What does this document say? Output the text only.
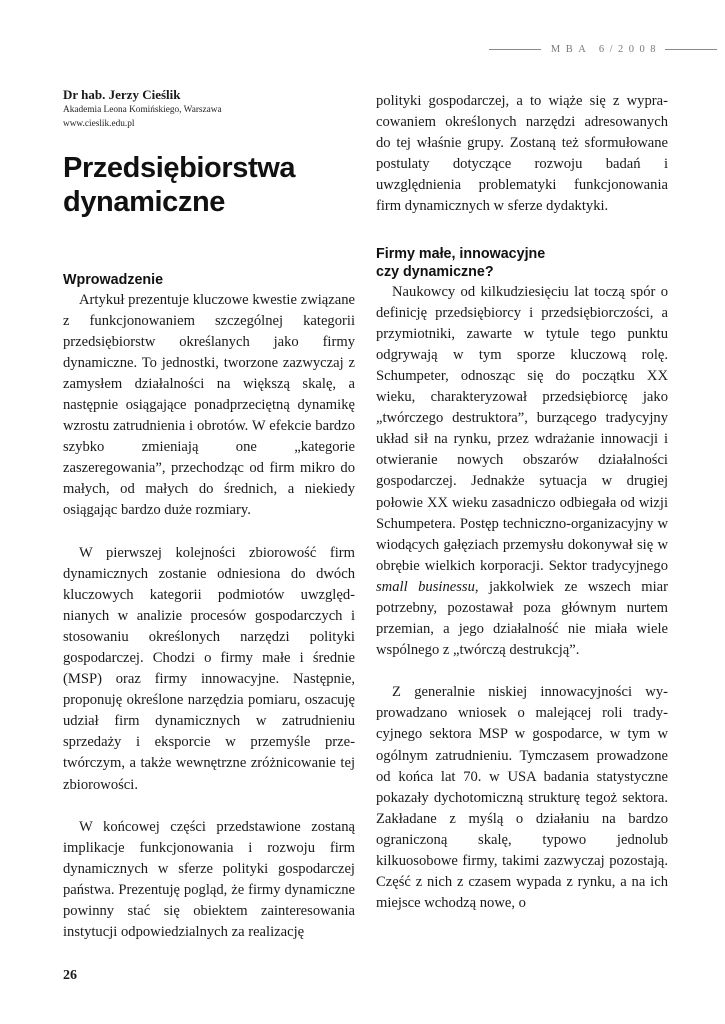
MBA 6/2008

Dr hab. Jerzy Cieślik

Akademia Leona Komińskiego, Warszawa

www.cieslik.edu.pl

Przedsiębiorstwa dynamiczne
Wprowadzenie

Artykuł prezentuje kluczowe kwestie związane z funkcjonowaniem szczególnej kategorii przedsiębiorstw określanych jako firmy dynamiczne. To jednostki, tworzone zazwyczaj z zamysłem działalności na większą skalę, a następnie osiągające ponadprzeciętną dynamikę wzrostu zatrudnienia i obrotów. W efekcie bardzo szybko zmieniają one „kategorie zaszeregowania”, przechodząc od firm mikro do małych, od małych do średnich, a niekiedy osiągając bardzo duże rozmiary.

W pierwszej kolejności zbiorowość firm dynamicznych zostanie odniesiona do dwóch kluczowych kategorii podmiotów uwzględnianych w analizie procesów gospodarczych i stosowaniu określonych narzędzi polityki gospodarczej. Chodzi o firmy małe i średnie (MSP) oraz firmy innowacyjne. Następnie, proponuję określone narzędzia pomiaru, oszacuję udział firm dynamicznych w zatrudnieniu sprzedaży i eksporcie w przemyśle przetwórczym, a także wewnętrzne zróżnicowanie tej zbiorowości.

W końcowej części przedstawione zostaną implikacje funkcjonowania i rozwoju firm dynamicznych w sferze polityki gospodarczej państwa. Prezentuję pogląd, że firmy dynamiczne powinny stać się obiektem zainteresowania instytucji odpowiedzialnych za realizację

polityki gospodarczej, a to wiąże się z wypracowaniem określonych narzędzi adresowanych do tej właśnie grupy. Zostaną też sformułowane postulaty dotyczące rozwoju badań i uwzględnienia problematyki funkcjonowania firm dynamicznych w sferze dydaktyki.

Firmy małe, innowacyjne
czy dynamiczne?

Naukowcy od kilkudziesięciu lat toczą spór o definicję przedsiębiorcy i przedsiębiorczości, a przymiotniki, zawarte w tytule tego punktu odgrywają w tym sporze kluczową rolę. Schumpeter, odnosząc się do początku XX wieku, charakteryzował przedsiębiorcę jako „twórczego destruktora”, burzącego tradycyjny układ sił na rynku, przez wdrażanie innowacji i otwieranie nowych obszarów działalności gospodarczej. Jednakże sytuacja w drugiej połowie XX wieku zasadniczo odbiegała od wizji Schumpetera. Postęp techniczno-organizacyjny w wiodących gałęziach przemysłu dokonywał się w obrębie wielkich korporacji. Sektor tradycyjnego small businessu, jakkolwiek ze wszech miar potrzebny, pozostawał poza głównym nurtem przemian, a jego działalność nie miała wiele wspólnego z „twórczą destrukcją”.

Z generalnie niskiej innowacyjności wyprowadzano wniosek o malejącej roli tradycyjnego sektora MSP w gospodarce, w tym w ogólnym zatrudnieniu. Tymczasem prowadzone od końca lat 70. w USA badania statystyczne pokazały dychotomiczną strukturę tegoż sektora. Zakładane z myślą o działaniu na bardzo ograniczoną skalę, typowo jednolub kilkuosobowe firmy, takimi zazwyczaj pozostają. Część z nich z czasem wypada z rynku, a na ich miejsce wchodzą nowe, o

26
